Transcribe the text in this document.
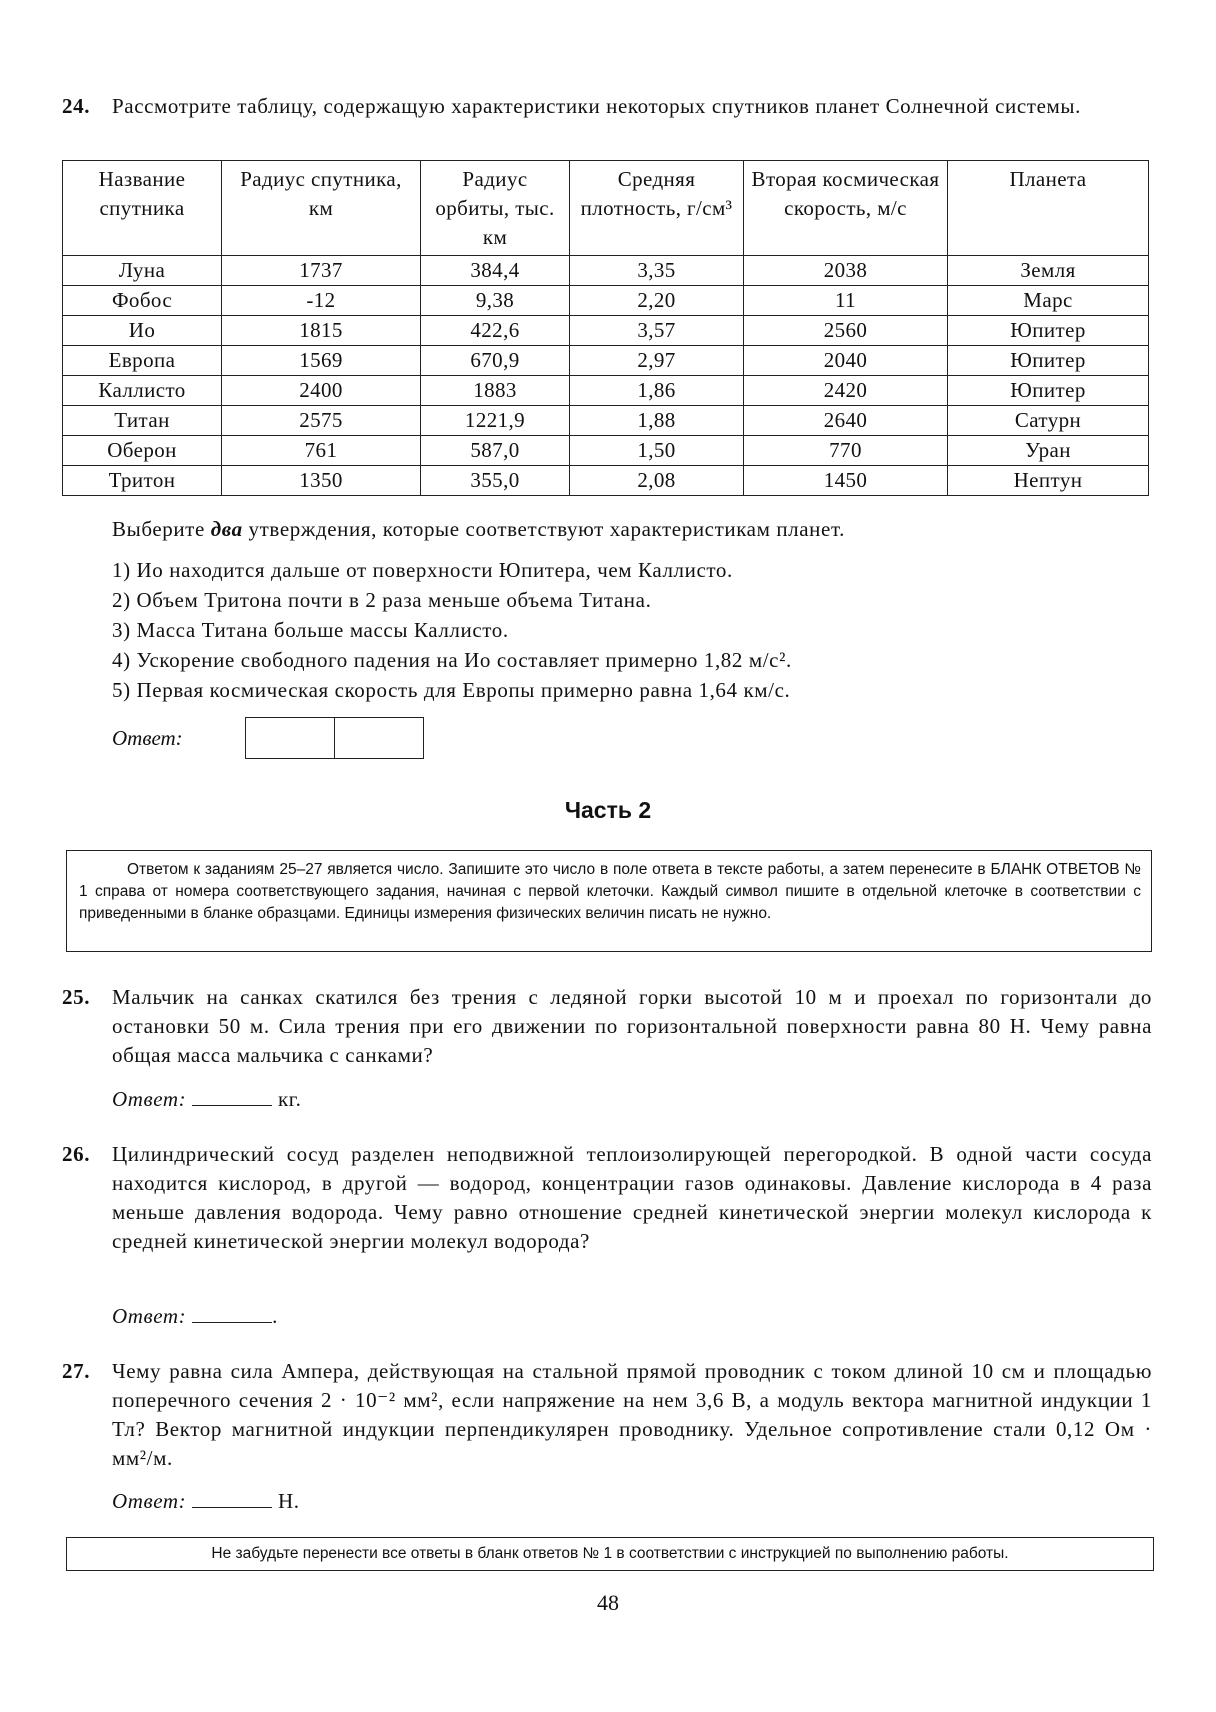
24.	Рассмотрите таблицу, содержащую характеристики некоторых спутников планет Солнечной системы.
Название спутника	Радиус спутника, км	Радиус орбиты, тыс. км	Средняя плотность, г/см³	Вторая космическая скорость, м/с	Планета
Луна	1737	384,4	3,35	2038	Земля
Фобос	-12	9,38	2,20	11	Марс
Ио	1815	422,6	3,57	2560	Юпитер
Европа	1569	670,9	2,97	2040	Юпитер
Каллисто	2400	1883	1,86	2420	Юпитер
Титан	2575	1221,9	1,88	2640	Сатурн
Оберон	761	587,0	1,50	770	Уран
Тритон	1350	355,0	2,08	1450	Нептун
Выберите два утверждения, которые соответствуют характеристикам планет.
1) Ио находится дальше от поверхности Юпитера, чем Каллисто.
2) Объем Тритона почти в 2 раза меньше объема Титана.
3) Масса Титана больше массы Каллисто.
4) Ускорение свободного падения на Ио составляет примерно 1,82 м/с².
5) Первая космическая скорость для Европы примерно равна 1,64 км/с.
Ответ:
Часть 2
Ответом к заданиям 25–27 является число. Запишите это число в поле ответа в тексте работы, а затем перенесите в БЛАНК ОТВЕТОВ № 1 справа от номера соответствующего задания, начиная с первой клеточки. Каждый символ пишите в отдельной клеточке в соответствии с приведенными в бланке образцами. Единицы измерения физических величин писать не нужно.
25.	Мальчик на санках скатился без трения с ледяной горки высотой 10 м и проехал по горизонтали до остановки 50 м. Сила трения при его движении по горизонтальной поверхности равна 80 Н. Чему равна общая масса мальчика с санками?
Ответ:	кг.
26.	Цилиндрический сосуд разделен неподвижной теплоизолирующей перегородкой. В одной части сосуда находится кислород, в другой — водород, концентрации газов одинаковы. Давление кислорода в 4 раза меньше давления водорода. Чему равно отношение средней кинетической энергии молекул кислорода к средней кинетической энергии молекул водорода?
Ответ:	.
27.	Чему равна сила Ампера, действующая на стальной прямой проводник с током длиной 10 см и площадью поперечного сечения 2 · 10⁻² мм², если напряжение на нем 3,6 В, а модуль вектора магнитной индукции 1 Тл? Вектор магнитной индукции перпендикулярен проводнику. Удельное сопротивление стали 0,12 Ом · мм²/м.
Ответ:	Н.
Не забудьте перенести все ответы в бланк ответов № 1 в соответствии с инструкцией по выполнению работы.
48
